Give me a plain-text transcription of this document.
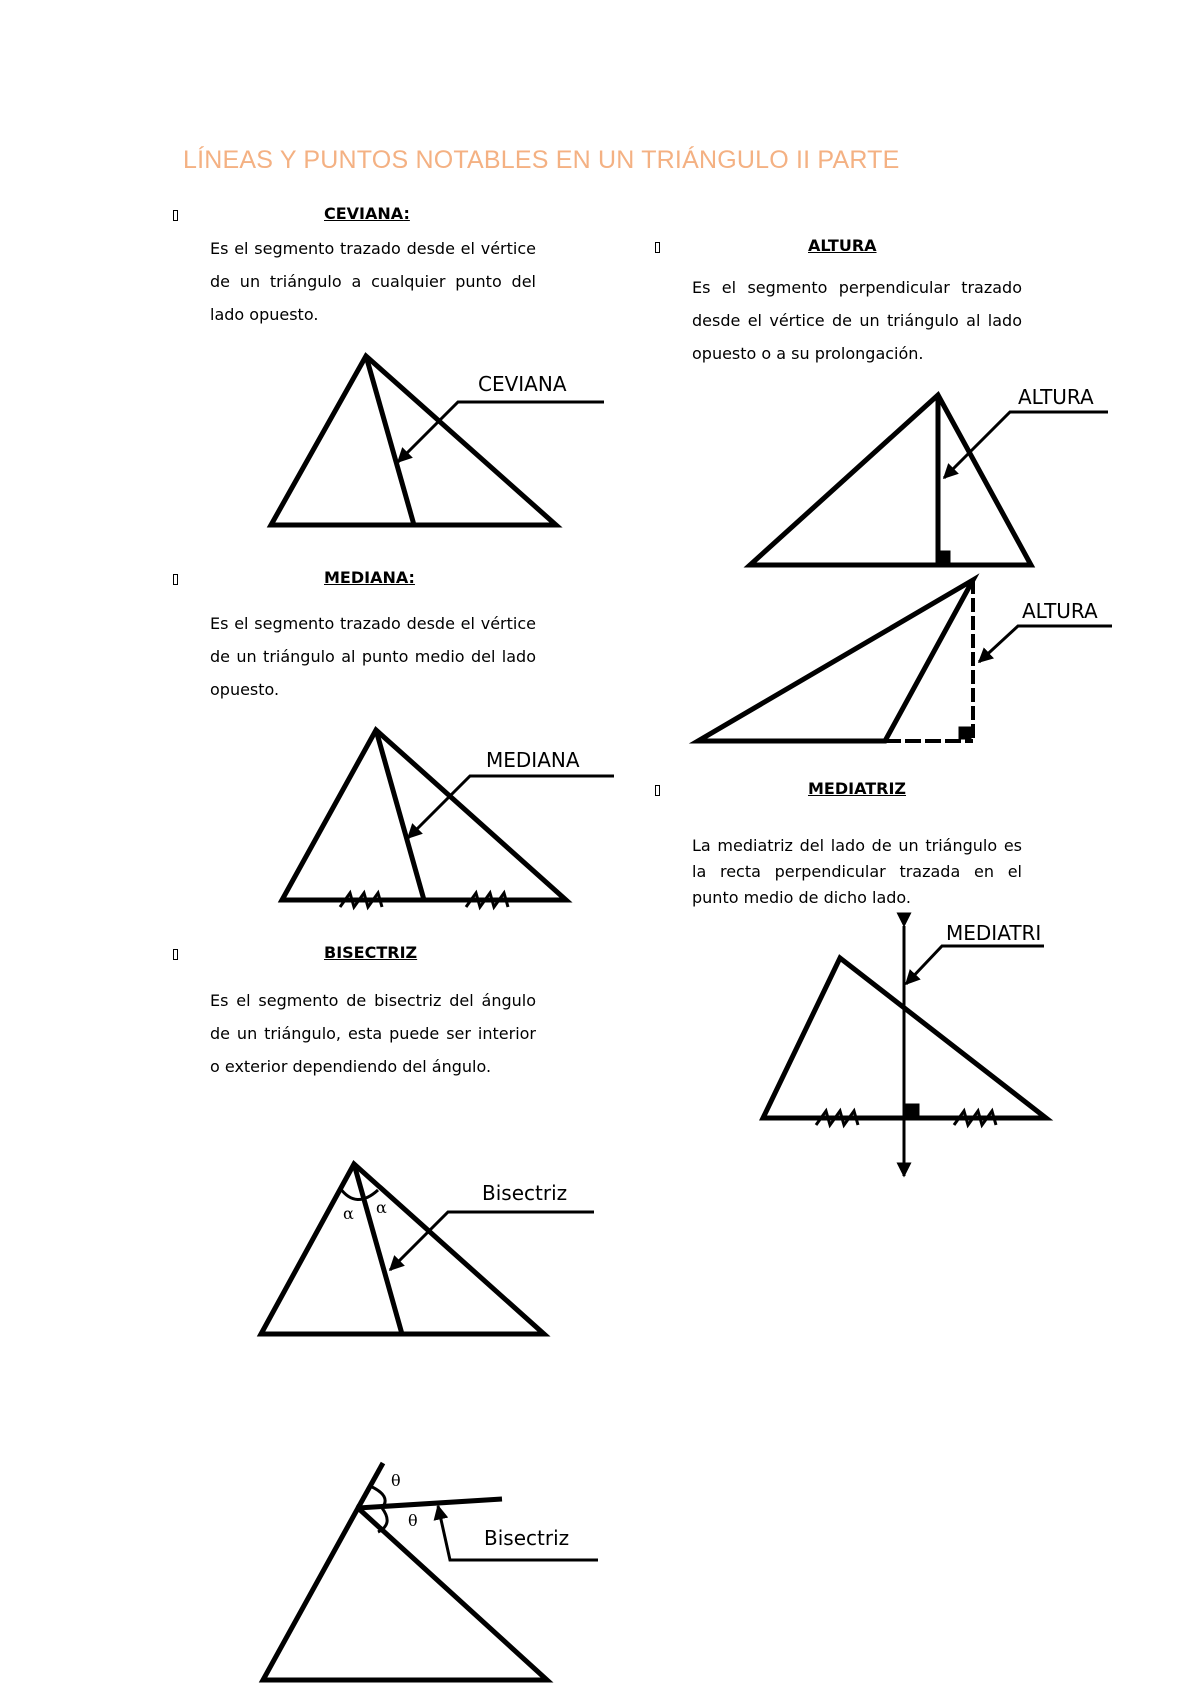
LÍNEAS Y PUNTOS NOTABLES EN UN TRIÁNGULO II PARTE
CEVIANA:
Es el segmento trazado desde el vértice de un triángulo a cualquier punto del lado opuesto.
MEDIANA:
Es el segmento trazado desde el vértice de un triángulo al punto medio del lado opuesto.
BISECTRIZ
Es el segmento de bisectriz del ángulo de un triángulo, esta puede ser interior o exterior dependiendo del ángulo.
ALTURA
Es el segmento perpendicular trazado desde el vértice de un triángulo al lado opuesto o a su prolongación.
MEDIATRIZ
La mediatriz del lado de un triángulo es la recta perpendicular trazada en el punto medio de dicho lado.
CEVIANA
MEDIANA
α α
Bisectriz
θ
θ
Bisectriz
ALTURA
ALTURA
MEDIATRI
